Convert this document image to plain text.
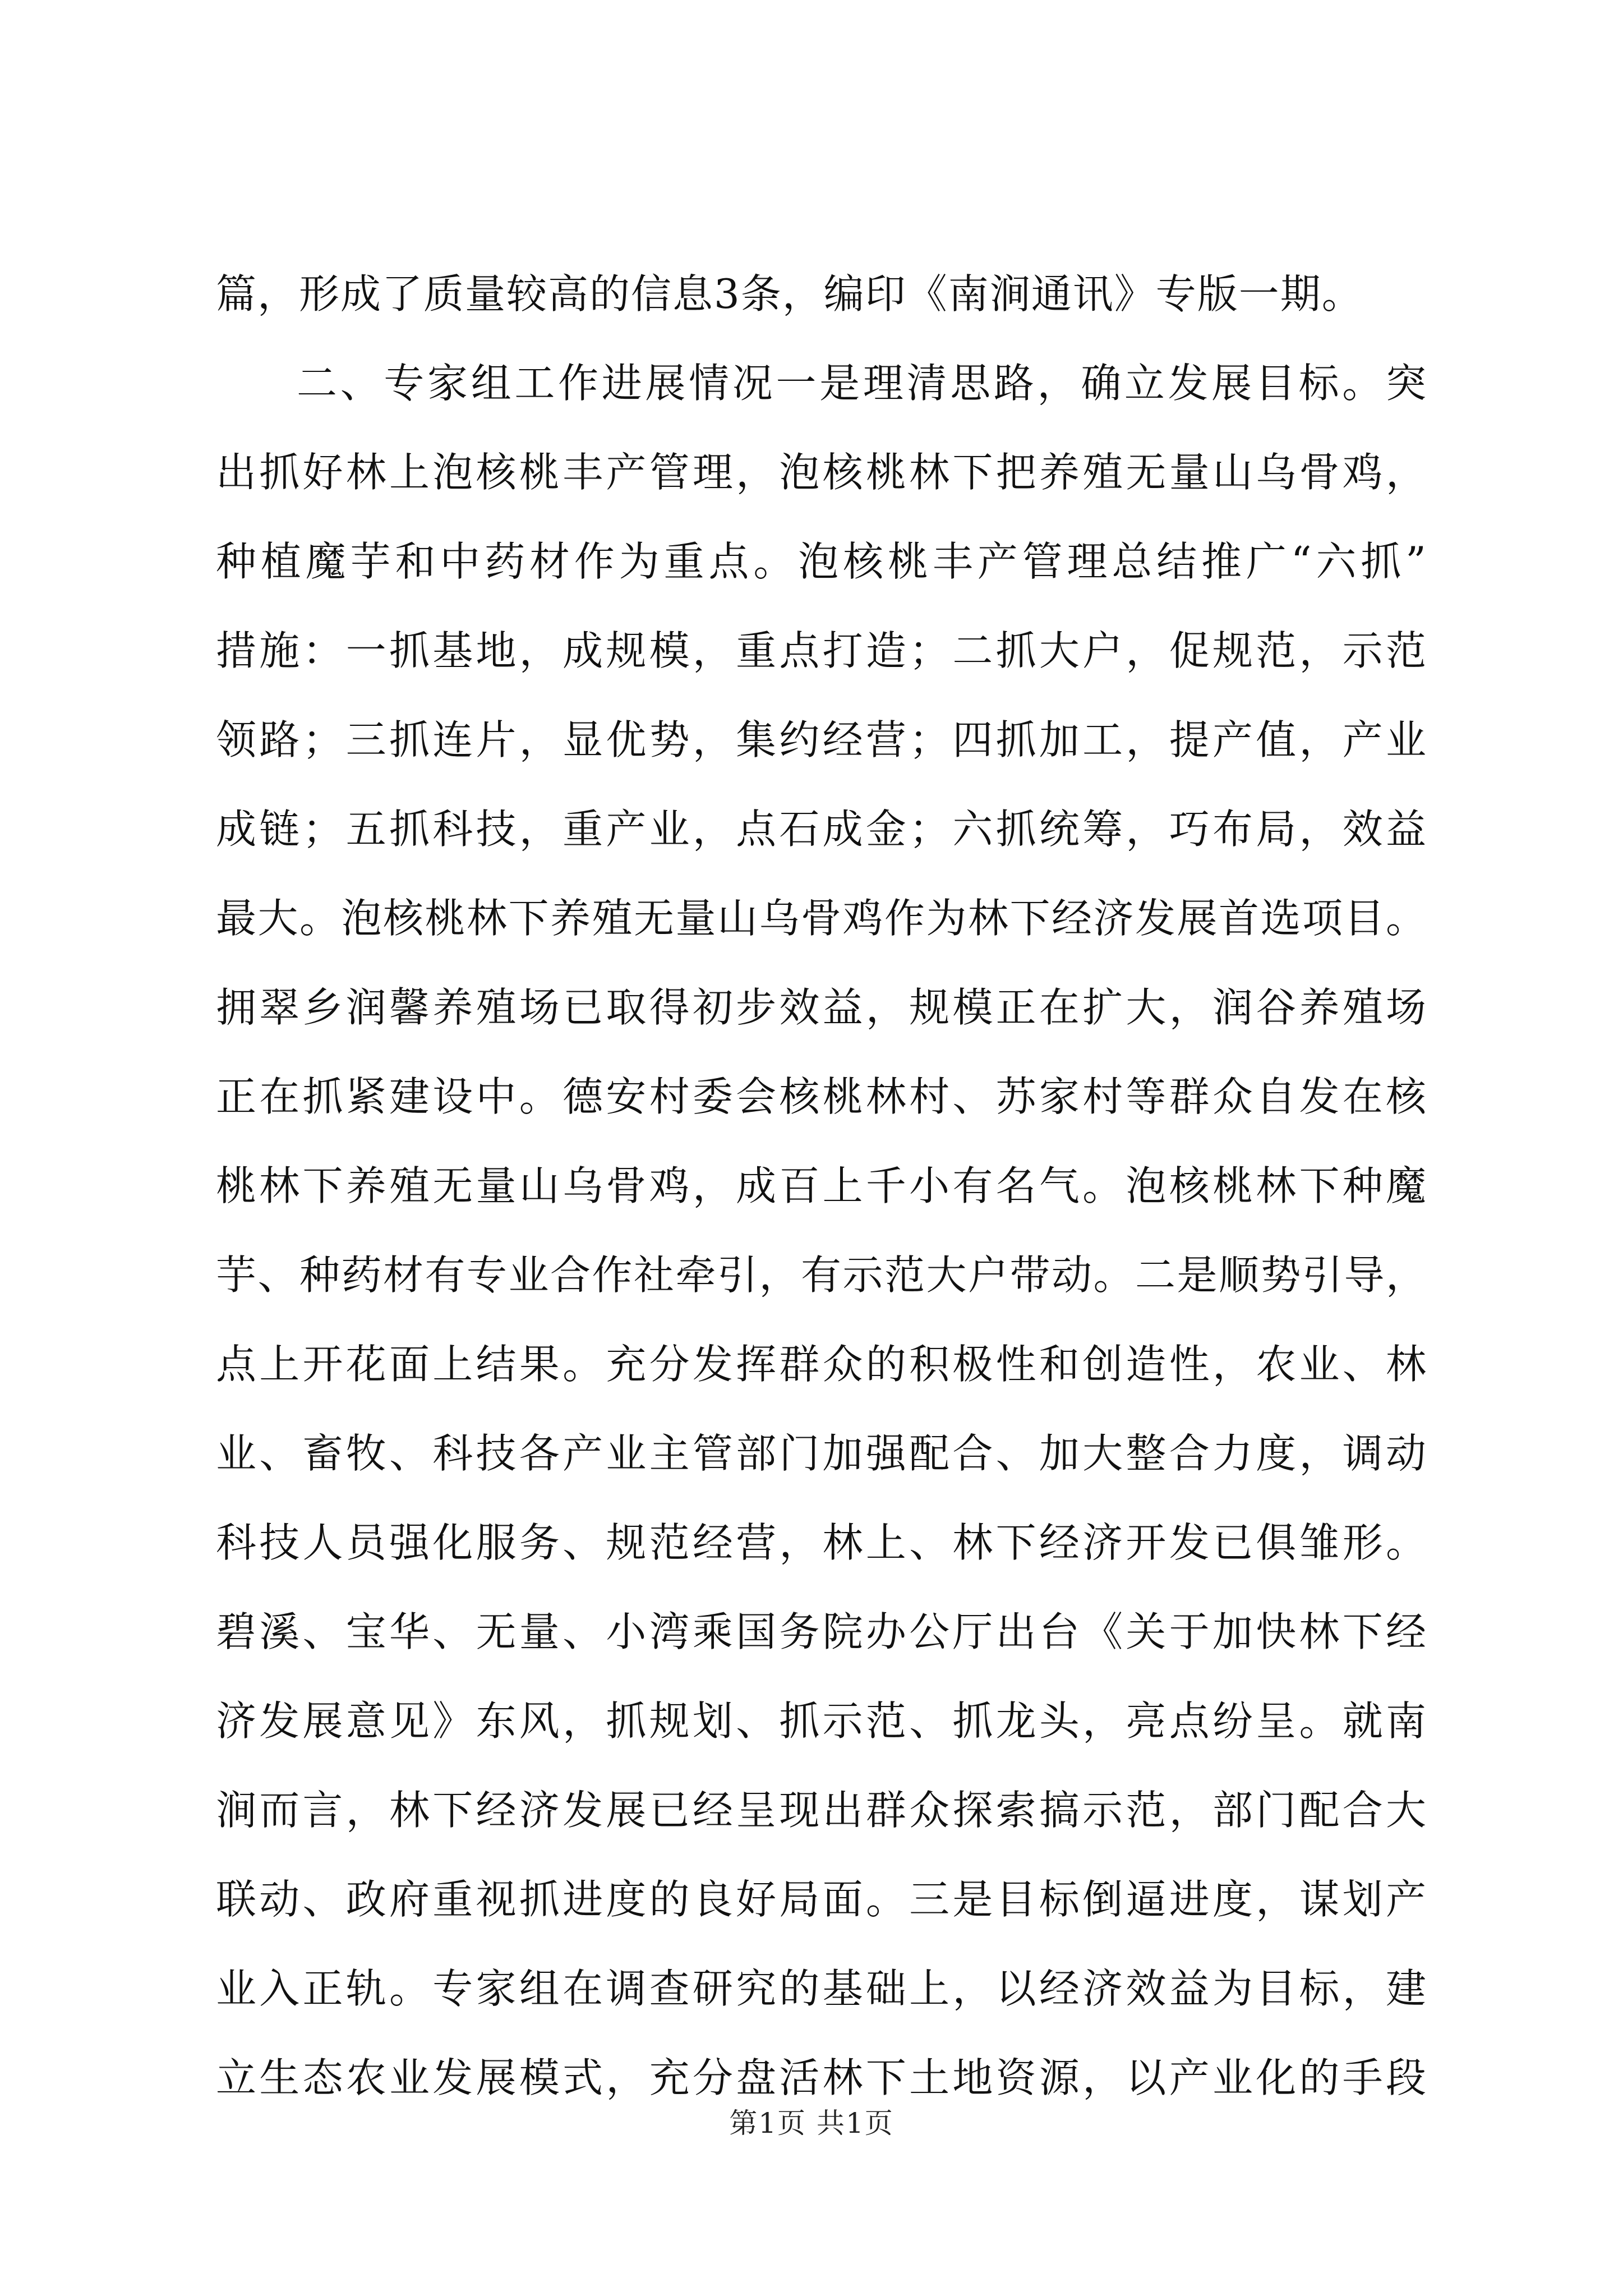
篇，形成了质量较高的信息3条，编印《南涧通讯》专版一期。
二、专家组工作进展情况一是理清思路，确立发展目标。突
出抓好林上泡核桃丰产管理，泡核桃林下把养殖无量山乌骨鸡，
种植魔芋和中药材作为重点。泡核桃丰产管理总结推广“六抓”
措施：一抓基地，成规模，重点打造；二抓大户，促规范，示范
领路；三抓连片，显优势，集约经营；四抓加工，提产值，产业
成链；五抓科技，重产业，点石成金；六抓统筹，巧布局，效益
最大。泡核桃林下养殖无量山乌骨鸡作为林下经济发展首选项目。
拥翠乡润馨养殖场已取得初步效益，规模正在扩大，润谷养殖场
正在抓紧建设中。德安村委会核桃林村、苏家村等群众自发在核
桃林下养殖无量山乌骨鸡，成百上千小有名气。泡核桃林下种魔
芋、种药材有专业合作社牵引，有示范大户带动。二是顺势引导，
点上开花面上结果。充分发挥群众的积极性和创造性，农业、林
业、畜牧、科技各产业主管部门加强配合、加大整合力度，调动
科技人员强化服务、规范经营，林上、林下经济开发已俱雏形。
碧溪、宝华、无量、小湾乘国务院办公厅出台《关于加快林下经
济发展意见》东风，抓规划、抓示范、抓龙头，亮点纷呈。就南
涧而言，林下经济发展已经呈现出群众探索搞示范，部门配合大
联动、政府重视抓进度的良好局面。三是目标倒逼进度，谋划产
业入正轨。专家组在调查研究的基础上，以经济效益为目标，建
立生态农业发展模式，充分盘活林下土地资源，以产业化的手段
第1页 共1页
